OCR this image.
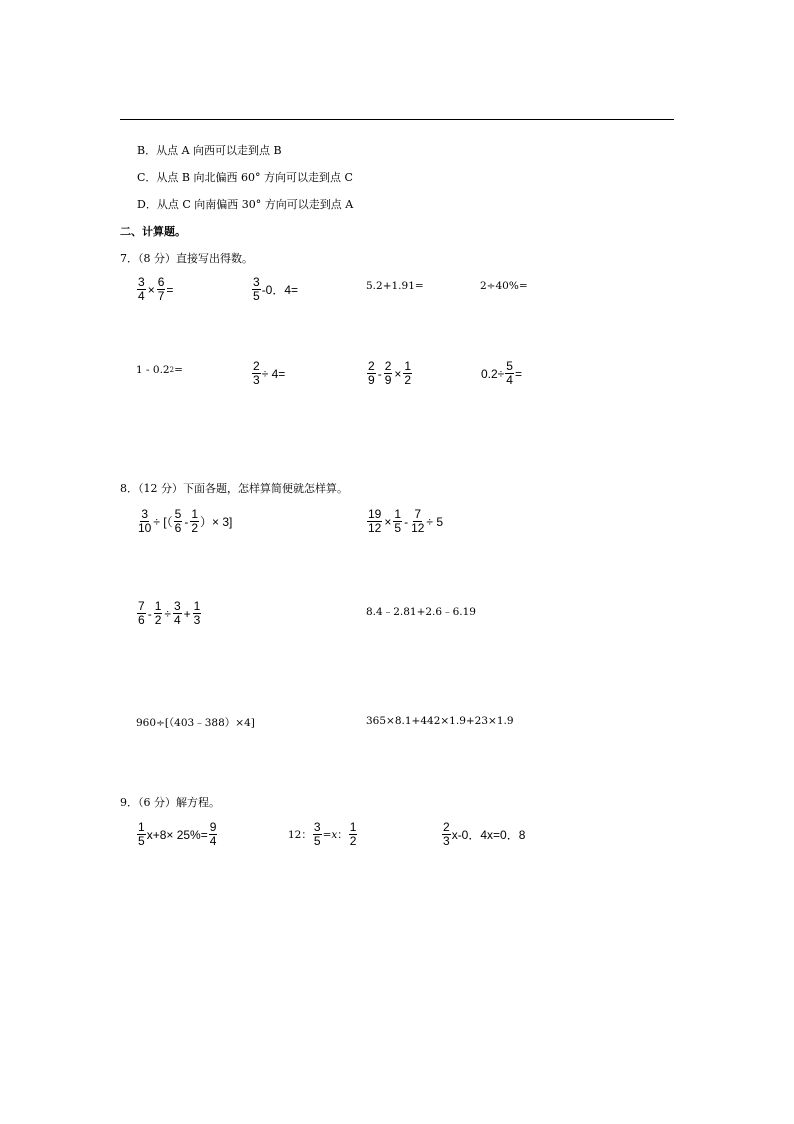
B．从点 A 向西可以走到点 B
C．从点 B 向北偏西 60° 方向可以走到点 C
D．从点 C 向南偏西 30° 方向可以走到点 A
二、计算题。
7．（8 分）直接写出得数。
$\frac{3}{4} \times \frac{6}{7}$ =	$\frac{3}{5} -0$．4=	5.2+1.91=	2÷40%=
1 - 0.2 2 =	$\frac{2}{3} \div 4=$	$\frac{2}{9} - \frac{2}{9} \times \frac{1}{2}$	$0.2\div \frac{5}{4}$ =
8．（12 分）下面各题，怎样算简便就怎样算。
$\frac{3}{10}$ ÷ [（ $\frac{5}{6} - \frac{1}{2}$ ）× 3]	$\frac{19}{12} \times \frac{1}{5} - \frac{7}{12} \div 5$
$\frac{7}{6} - \frac{1}{2} \div \frac{3}{4} + \frac{1}{3}$	8.4﹣2.81+2.6﹣6.19
960÷[（403﹣388）×4]	365×8.1+442×1.9+23×1.9
9．（6 分）解方程。
$\frac{1}{5} x+8\times 25\%= \frac{9}{4}$	12： $\frac{3}{5} = x$ ： $\frac{1}{2}$	$\frac{2}{3} x-0$．4x=0．8
